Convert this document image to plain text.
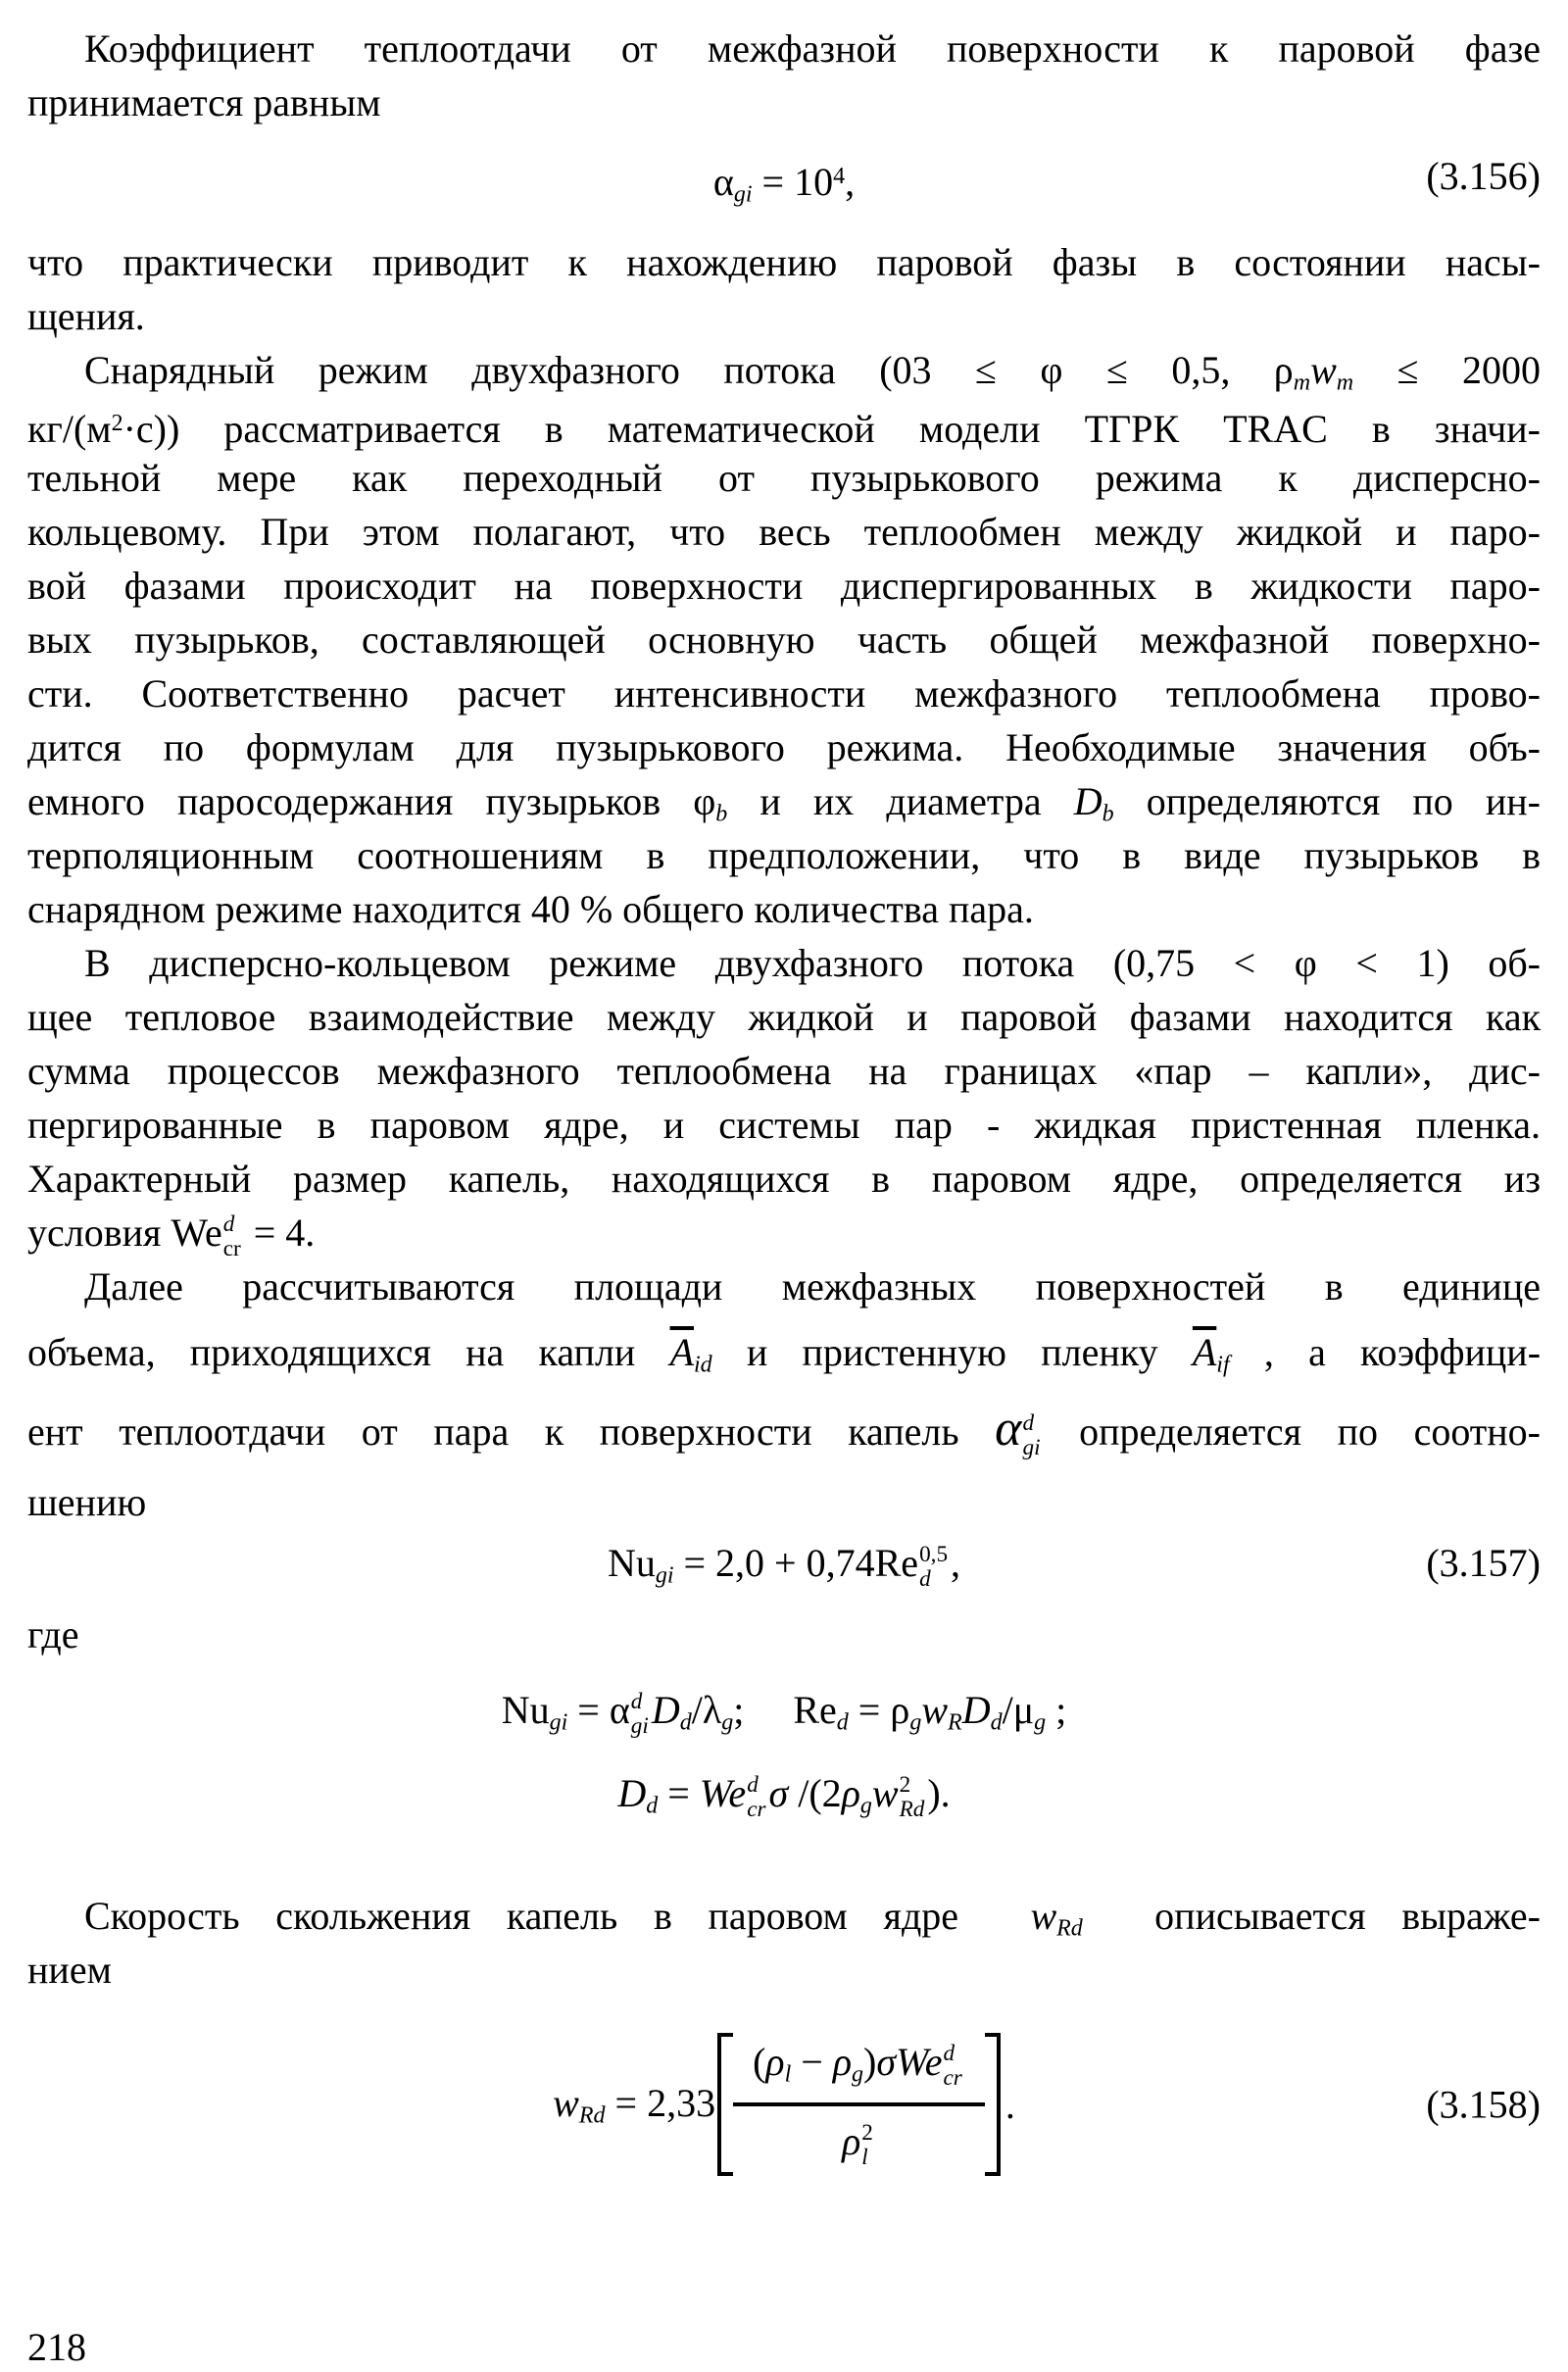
Коэффициент теплоотдачи от межфазной поверхности к паровой фазе
принимается равным
$\alpha_{gi} = 10^4$,	(3.156)
что практически приводит к нахождению паровой фазы в состоянии насы-
щения.
Снарядный режим двухфазного потока (03 ≤ φ ≤ 0,5, $\rho_mw_m \le 2000$
$кг/(м^2\cdot с)$) рассматривается в математической модели ТГРК TRAC в значи-
тельной мере как переходный от пузырькового режима к дисперсно-
кольцевому. При этом полагают, что весь теплообмен между жидкой и паро-
вой фазами происходит на поверхности диспергированных в жидкости паро-
вых пузырьков, составляющей основную часть общей межфазной поверхно-
сти. Соответственно расчет интенсивности межфазного теплообмена прово-
дится по формулам для пузырькового режима. Необходимые значения объ-
емного паросодержания пузырьков $\varphi_b$ и их диаметра $D_b$ определяются по ин-
терполяционным соотношениям в предположении, что в виде пузырьков в
снарядном режиме находится 40 % общего количества пара.
В дисперсно-кольцевом режиме двухфазного потока (0,75 < φ < 1) об-
щее тепловое взаимодействие между жидкой и паровой фазами находится как
сумма процессов межфазного теплообмена на границах «пар – капли», дис-
пергированные в паровом ядре, и системы пар - жидкая пристенная пленка.
Характерный размер капель, находящихся в паровом ядре, определяется из
условия We d
cr = 4.
Далее рассчитываются площади межфазных поверхностей в единице
объема, приходящихся на капли $\overline{A}_{id}$ и пристенную пленку $\overline{A}_{if}$ , а коэффици-
ент теплоотдачи от пара к поверхности капель α d
gi определяется по соотно-
шению
$Nu_{gi} = 2,0 + 0,74Re$ 0,5
d ,	(3.157)
где
$Nu_{gi} = \alpha$ d
gi $D_d/\lambda_g$;     $Re_d = \rho_gw_RD_d/\mu_g$ ;
$D_d = We$ d
cr σ $/(2\rho_gw$ 2
Rd ).
Скорость скольжения капель в паровом ядре  $w_{Rd}$  описывается выраже-
нием
$w_{Rd} = 2,33$ $(\rho_l - \rho_g)\sigma We$ d
cr
ρ 2
l .	(3.158)
218
